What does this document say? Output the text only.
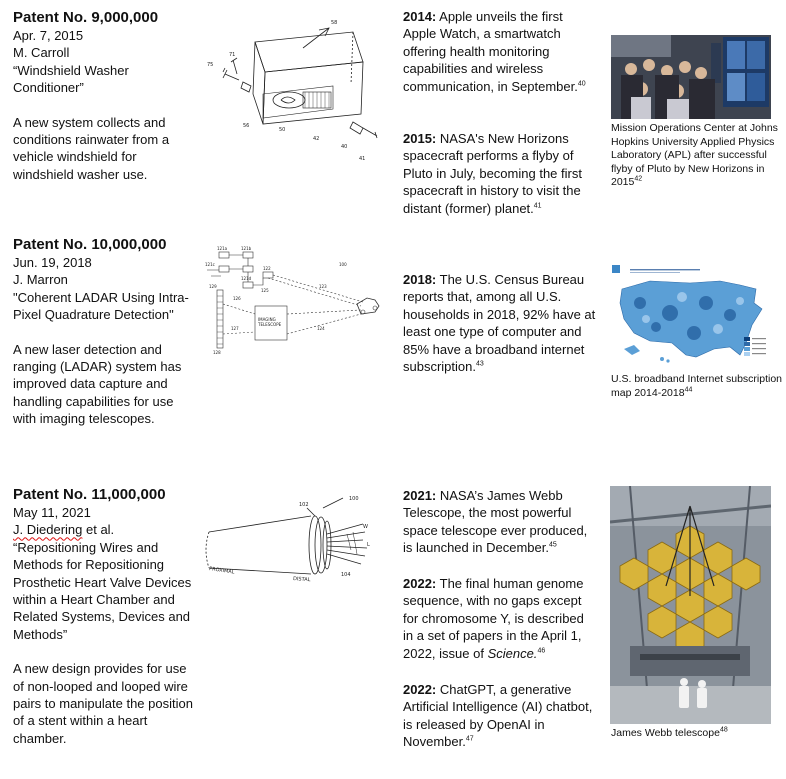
Patent No. 9,000,000
Apr. 7, 2015
M. Carroll
“Windshield Washer Conditioner”
A new system collects and conditions rainwater from a vehicle windshield for windshield washer use.
Patent No. 10,000,000
Jun. 19, 2018
J. Marron
"Coherent LADAR Using Intra-Pixel Quadrature Detection"
A new laser detection and ranging (LADAR) system has improved data capture and handling capabilities for use with imaging telescopes.
Patent No. 11,000,000
May 11, 2021
J. Diedering et al.
“Repositioning Wires and Methods for Repositioning Prosthetic Heart Valve Devices within a Heart Chamber and Related Systems, Devices and Methods”
A new design provides for use of non-looped and looped wire pairs to manipulate the position of a stent within a heart chamber.
58
75
71
56
50
42
40
41
121a	121b
121c
121d
122
100
123
124
125
126
127
128
129
IMAGING
TELESCOPE
100
102
104
W
L
PROXIMAL
DISTAL
2014: Apple unveils the first Apple Watch, a smartwatch offering health monitoring capabilities and wireless communication, in September.$^{40}$
2015: NASA's New Horizons spacecraft performs a flyby of Pluto in July, becoming the first spacecraft in history to visit the distant (former) planet.$^{41}$
2018: The U.S. Census Bureau reports that, among all U.S. households in 2018, 92% have at least one type of computer and 85% have a broadband internet subscription.$^{43}$
2021: NASA’s James Webb Telescope, the most powerful space telescope ever produced, is launched in December.$^{45}$
2022: The final human genome sequence, with no gaps except for chromosome Y, is described in a set of papers in the April 1, 2022, issue of Science.$^{46}$
2022: ChatGPT, a generative Artificial Intelligence (AI) chatbot, is released by OpenAI in November.$^{47}$
Mission Operations Center at Johns Hopkins University Applied Physics Laboratory (APL) after successful flyby of Pluto by New Horizons in 2015$^{42}$
U.S. broadband Internet subscription map 2014-2018$^{44}$
James Webb telescope$^{48}$
